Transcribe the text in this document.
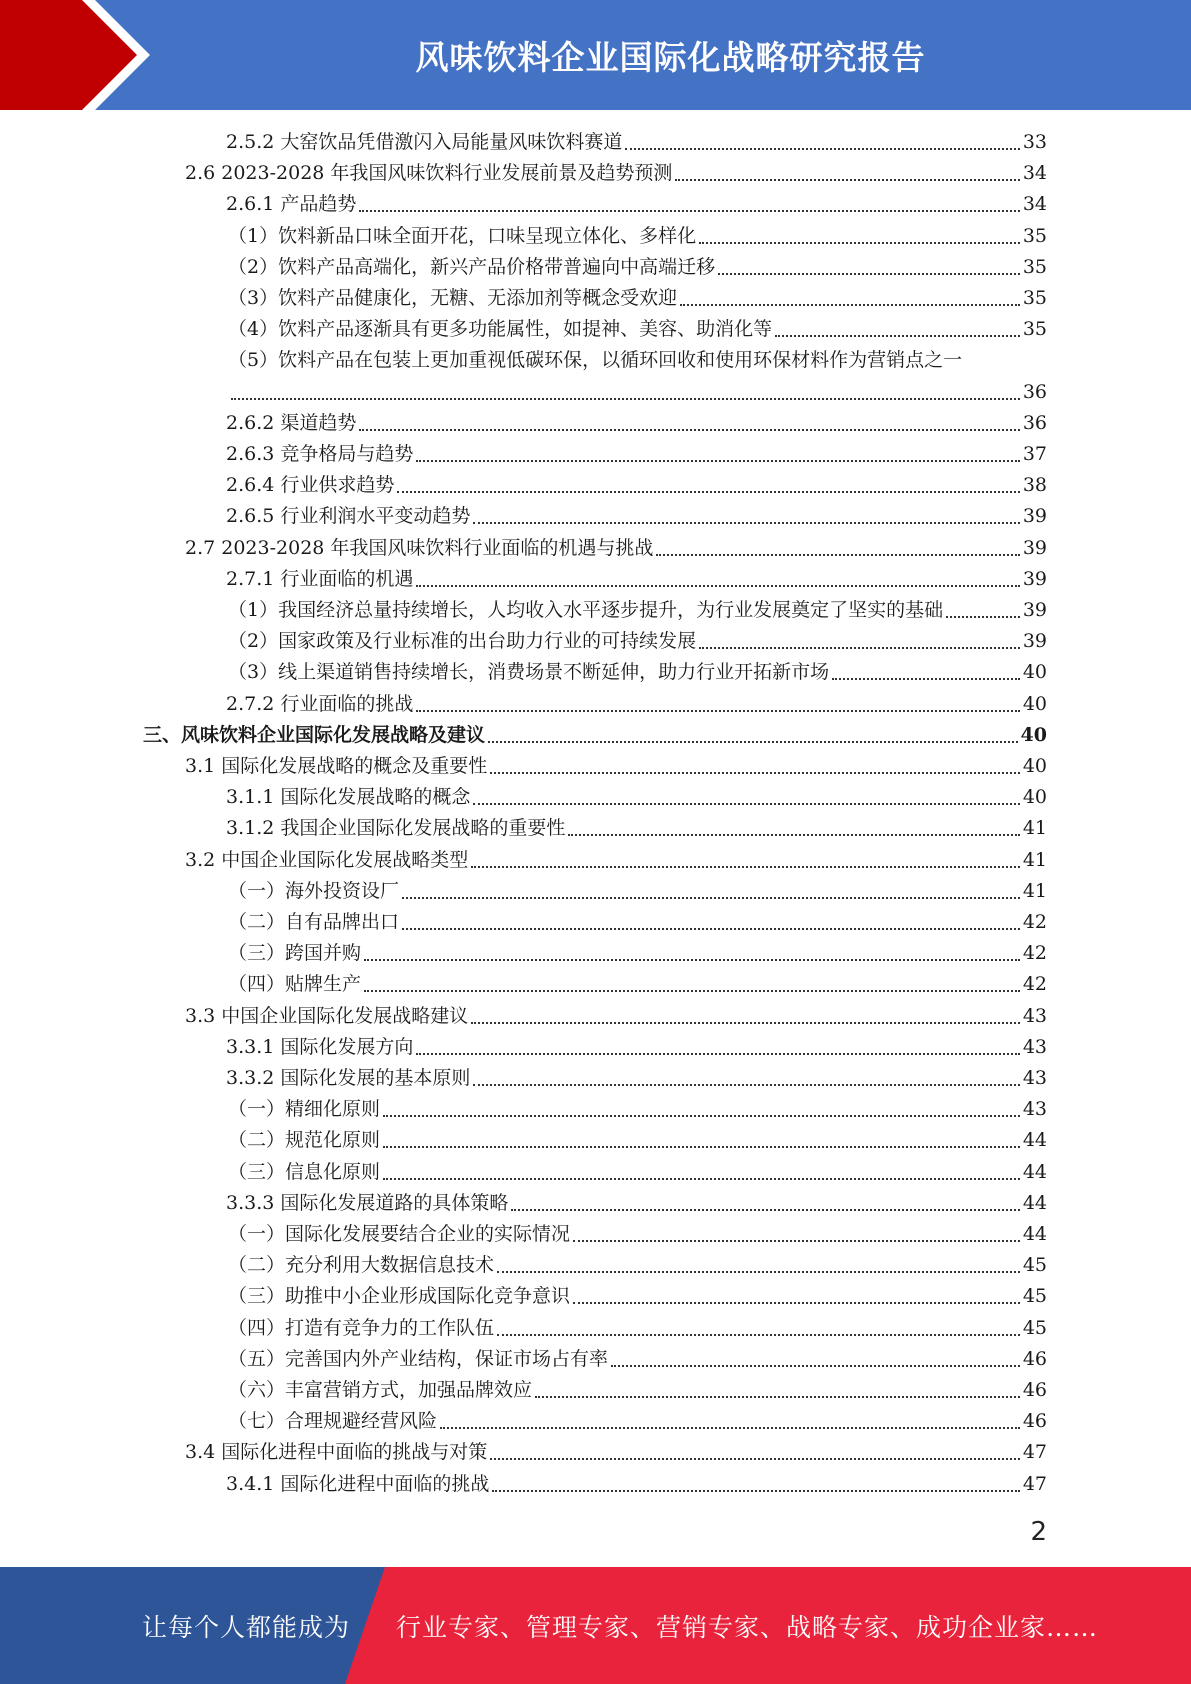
风味饮料企业国际化战略研究报告
2.5.2 大窑饮品凭借激闪入局能量风味饮料赛道	33
2.6 2023-2028 年我国风味饮料行业发展前景及趋势预测	34
2.6.1 产品趋势	34
（1）饮料新品口味全面开花，口味呈现立体化、多样化	35
（2）饮料产品高端化，新兴产品价格带普遍向中高端迁移	35
（3）饮料产品健康化，无糖、无添加剂等概念受欢迎	35
（4）饮料产品逐渐具有更多功能属性，如提神、美容、助消化等	35
（5）饮料产品在包装上更加重视低碳环保，以循环回收和使用环保材料作为营销点之一
36
2.6.2 渠道趋势	36
2.6.3 竞争格局与趋势	37
2.6.4 行业供求趋势	38
2.6.5 行业利润水平变动趋势	39
2.7 2023-2028 年我国风味饮料行业面临的机遇与挑战	39
2.7.1 行业面临的机遇	39
（1）我国经济总量持续增长，人均收入水平逐步提升，为行业发展奠定了坚实的基础	39
（2）国家政策及行业标准的出台助力行业的可持续发展	39
（3）线上渠道销售持续增长，消费场景不断延伸，助力行业开拓新市场	40
2.7.2 行业面临的挑战	40
三、风味饮料企业国际化发展战略及建议	40
3.1 国际化发展战略的概念及重要性	40
3.1.1 国际化发展战略的概念	40
3.1.2 我国企业国际化发展战略的重要性	41
3.2 中国企业国际化发展战略类型	41
（一）海外投资设厂	41
（二）自有品牌出口	42
（三）跨国并购	42
（四）贴牌生产	42
3.3 中国企业国际化发展战略建议	43
3.3.1 国际化发展方向	43
3.3.2 国际化发展的基本原则	43
（一）精细化原则	43
（二）规范化原则	44
（三）信息化原则	44
3.3.3 国际化发展道路的具体策略	44
（一）国际化发展要结合企业的实际情况	44
（二）充分利用大数据信息技术	45
（三）助推中小企业形成国际化竞争意识	45
（四）打造有竞争力的工作队伍	45
（五）完善国内外产业结构，保证市场占有率	46
（六）丰富营销方式，加强品牌效应	46
（七）合理规避经营风险	46
3.4 国际化进程中面临的挑战与对策	47
3.4.1 国际化进程中面临的挑战	47
2
让每个人都能成为 行业专家、管理专家、营销专家、战略专家、成功企业家……
